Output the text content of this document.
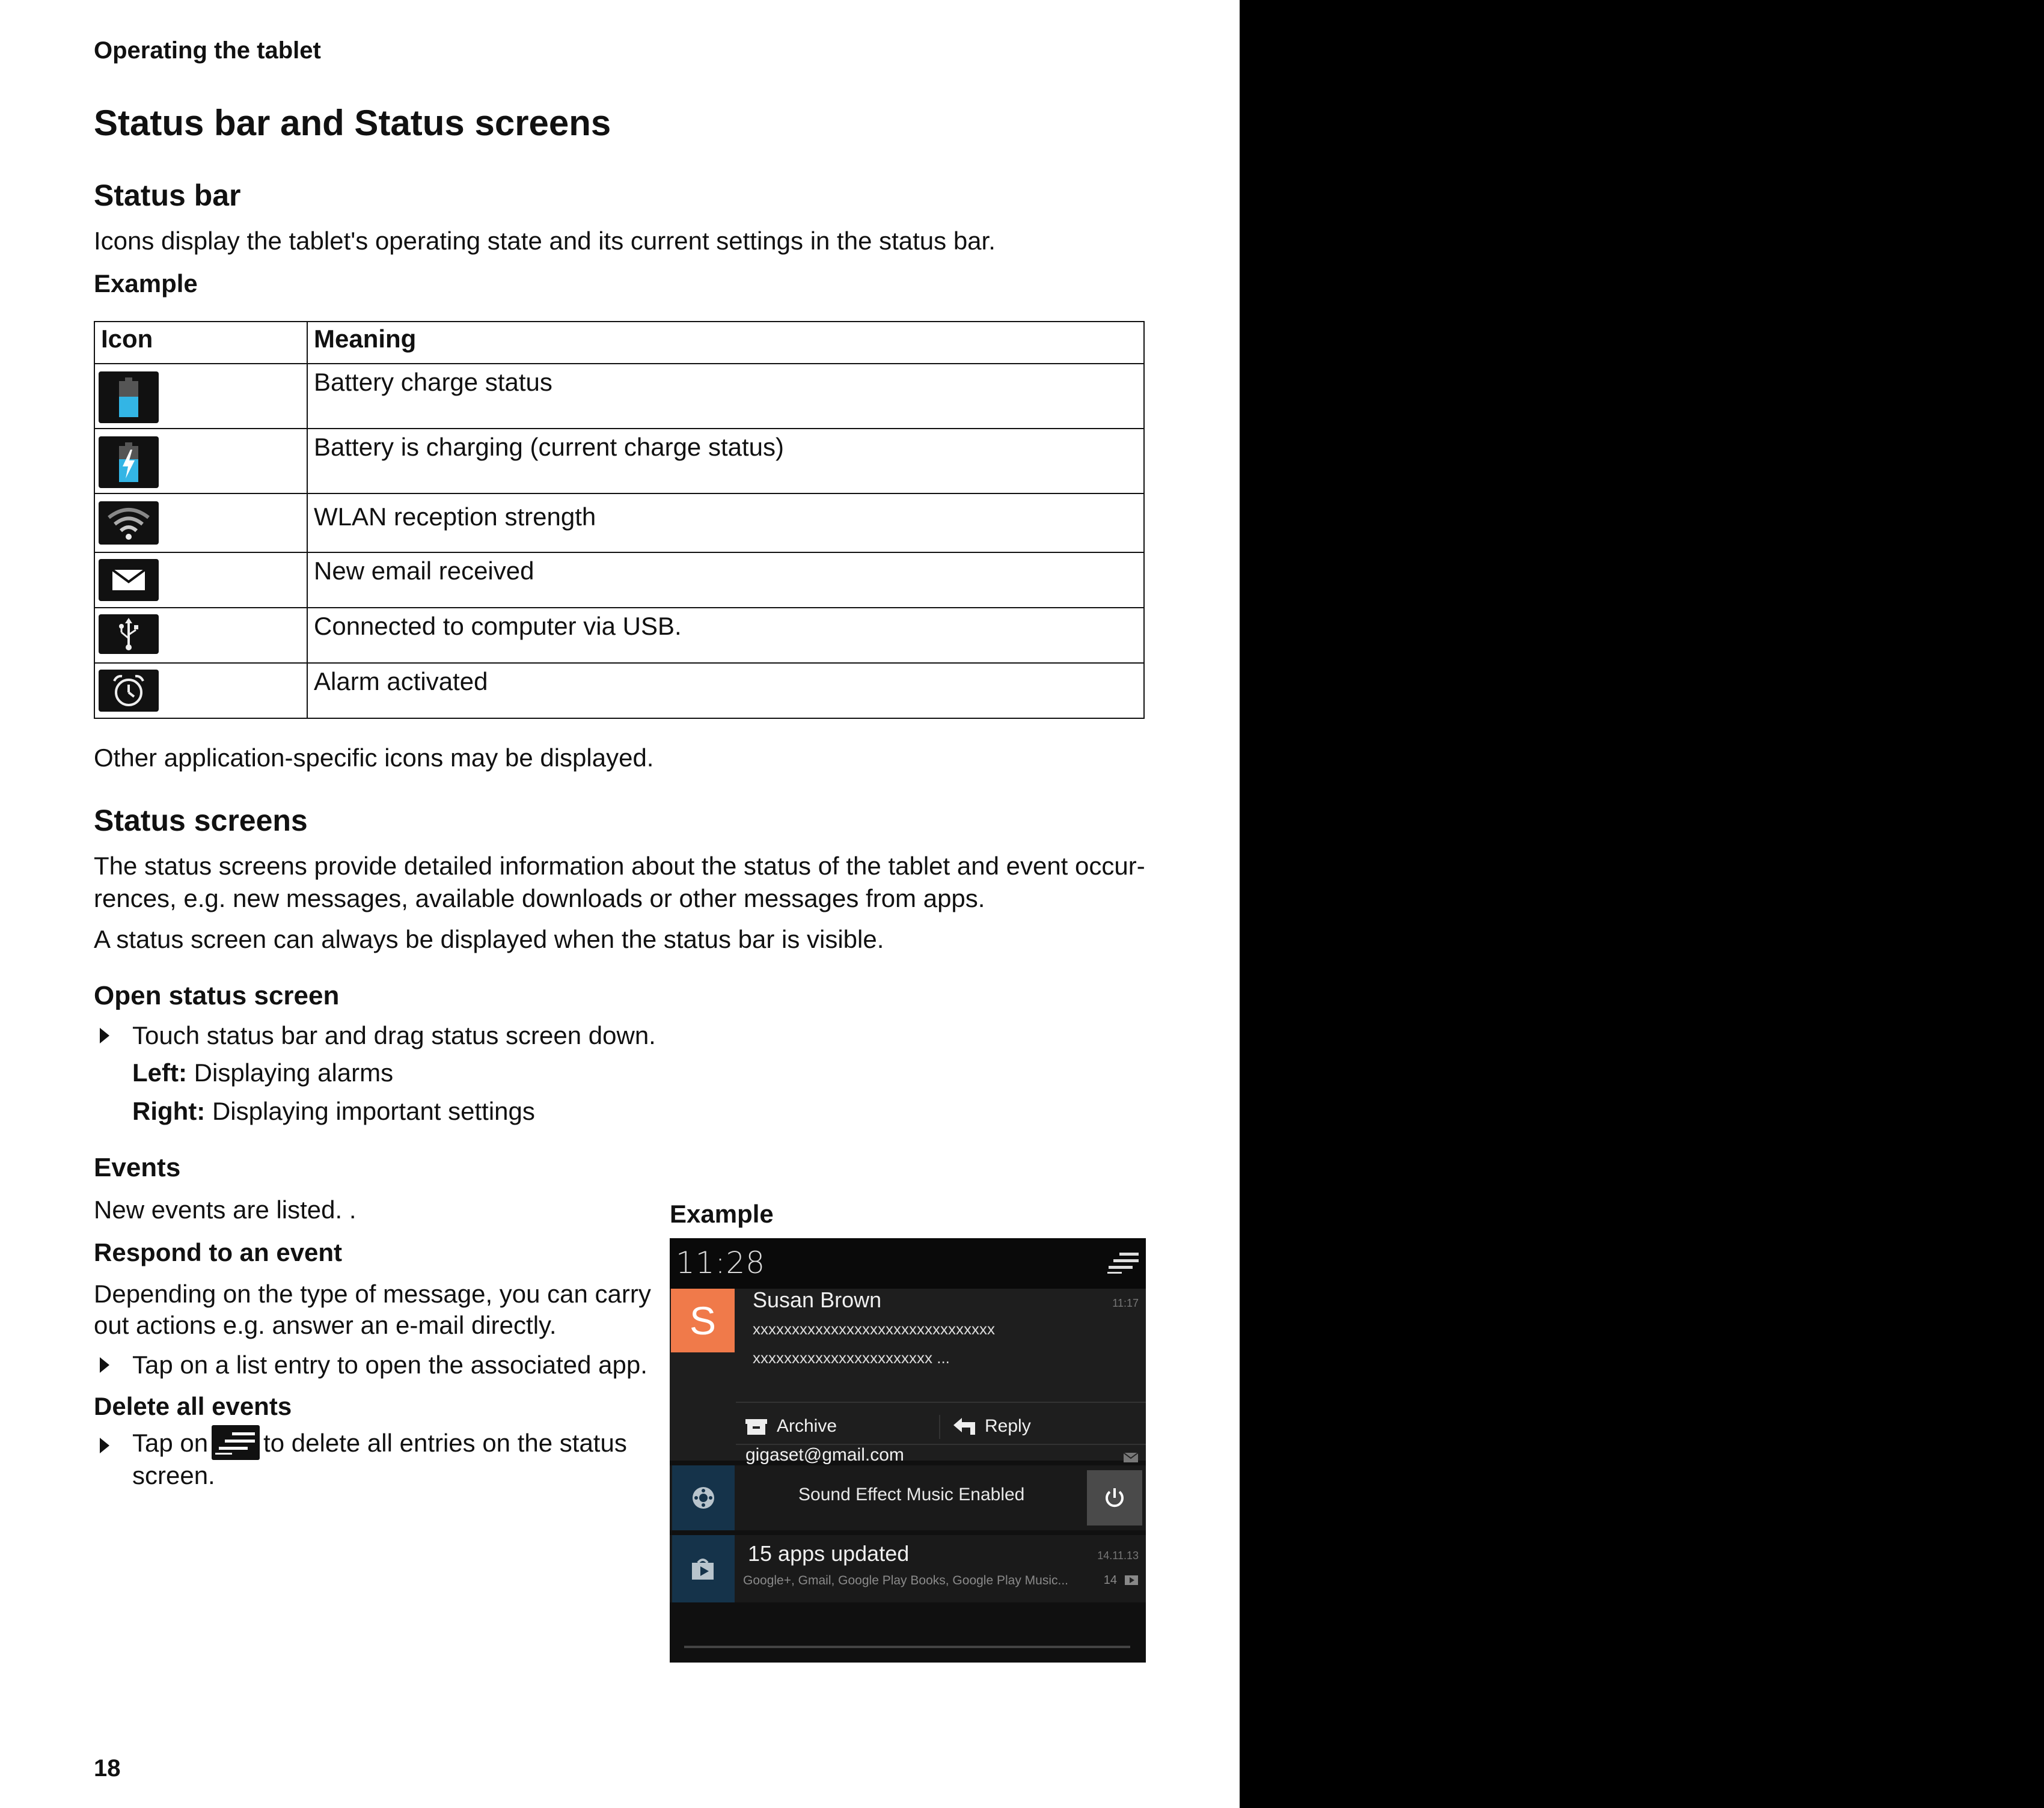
Operating the tablet
Status bar and Status screens
Status bar
Icons display the tablet's operating state and its current settings in the status bar.
Example
Icon	Meaning

	Battery charge status

	Battery is charging (current charge status)

	WLAN reception strength

	New email received

	Connected to computer via USB.

	Alarm activated
Other application-specific icons may be displayed.
Status screens
The status screens provide detailed information about the status of the tablet and event occur-
rences, e.g. new messages, available downloads or other messages from apps.
A status screen can always be displayed when the status bar is visible.
Open status screen
Touch status bar and drag status screen down.
Left: Displaying alarms
Right: Displaying important settings
Events
New events are listed. .
Respond to an event
Depending on the type of message, you can carry
out actions e.g. answer an e-mail directly.
Tap on a list entry to open the associated app.
Delete all events
Tap on to delete all entries on the status
screen.
Example
11:28
S	Susan Brown	11:17
xxxxxxxxxxxxxxxxxxxxxxxxxxxxxxx
xxxxxxxxxxxxxxxxxxxxxxx ...
Archive	Reply
gigaset@gmail.com
Sound Effect Music Enabled
15 apps updated	14.11.13
Google+, Gmail, Google Play Books, Google Play Music...	14
18
